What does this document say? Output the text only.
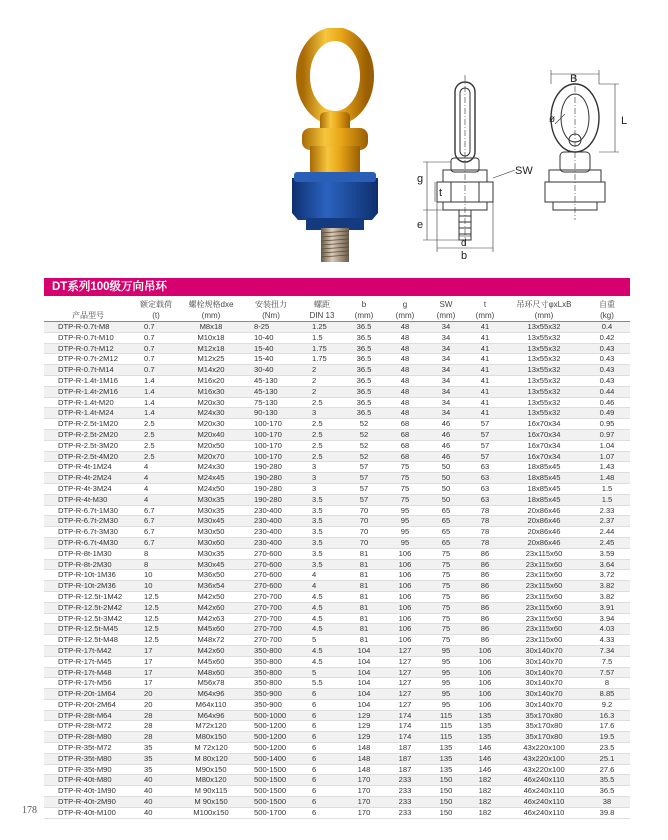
B
L
ø
g
t
e
SW
d
b
DT系列100级万向吊环
	额定载荷	螺栓规格dxe	安装扭力	螺距	b	g	SW	t	吊环尺寸φxLxB	自重
产品型号	(t)	(mm)	(Nm)	DIN 13	(mm)	(mm)	(mm)	(mm)	(mm)	(kg)
DTP-R-0.7t-M8	0.7	M8x18	8-25	1.25	36.5	48	34	41	13x55x32	0.4
DTP-R-0.7t-M10	0.7	M10x18	10-40	1.5	36.5	48	34	41	13x55x32	0.42
DTP-R-0.7t-M12	0.7	M12x18	15-40	1.75	36.5	48	34	41	13x55x32	0.43
DTP-R-0.7t-2M12	0.7	M12x25	15-40	1.75	36.5	48	34	41	13x55x32	0.43
DTP-R-0.7t-M14	0.7	M14x20	30-40	2	36.5	48	34	41	13x55x32	0.43
DTP-R-1.4t-1M16	1.4	M16x20	45-130	2	36.5	48	34	41	13x55x32	0.43
DTP-R-1.4t-2M16	1.4	M16x30	45-130	2	36.5	48	34	41	13x55x32	0.44
DTP-R-1.4t-M20	1.4	M20x30	75-130	2.5	36.5	48	34	41	13x55x32	0.46
DTP-R-1.4t-M24	1.4	M24x30	90-130	3	36.5	48	34	41	13x55x32	0.49
DTP-R-2.5t-1M20	2.5	M20x30	100-170	2.5	52	68	46	57	16x70x34	0.95
DTP-R-2.5t-2M20	2.5	M20x40	100-170	2.5	52	68	46	57	16x70x34	0.97
DTP-R-2.5t-3M20	2.5	M20x50	100-170	2.5	52	68	46	57	16x70x34	1.04
DTP-R-2.5t-4M20	2.5	M20x70	100-170	2.5	52	68	46	57	16x70x34	1.07
DTP-R-4t-1M24	4	M24x30	190-280	3	57	75	50	63	18x85x45	1.43
DTP-R-4t-2M24	4	M24x45	190-280	3	57	75	50	63	18x85x45	1.48
DTP-R-4t-3M24	4	M24x50	190-280	3	57	75	50	63	18x85x45	1.5
DTP-R-4t-M30	4	M30x35	190-280	3.5	57	75	50	63	18x85x45	1.5
DTP-R-6.7t-1M30	6.7	M30x35	230-400	3.5	70	95	65	78	20x86x46	2.33
DTP-R-6.7t-2M30	6.7	M30x45	230-400	3.5	70	95	65	78	20x86x46	2.37
DTP-R-6.7t-3M30	6.7	M30x50	230-400	3.5	70	95	65	78	20x86x46	2.44
DTP-R-6.7t-4M30	6.7	M30x60	230-400	3.5	70	95	65	78	20x86x46	2.45
DTP-R-8t-1M30	8	M30x35	270-600	3.5	81	106	75	86	23x115x60	3.59
DTP-R-8t-2M30	8	M30x45	270-600	3.5	81	106	75	86	23x115x60	3.64
DTP-R-10t-1M36	10	M36x50	270-600	4	81	106	75	86	23x115x60	3.72
DTP-R-10t-2M36	10	M36x54	270-600	4	81	106	75	86	23x115x60	3.82
DTP-R-12.5t-1M42	12.5	M42x50	270-700	4.5	81	106	75	86	23x115x60	3.82
DTP-R-12.5t-2M42	12.5	M42x60	270-700	4.5	81	106	75	86	23x115x60	3.91
DTP-R-12.5t-3M42	12.5	M42x63	270-700	4.5	81	106	75	86	23x115x60	3.94
DTP-R-12.5t-M45	12.5	M45x60	270-700	4.5	81	106	75	86	23x115x60	4.03
DTP-R-12.5t-M48	12.5	M48x72	270-700	5	81	106	75	86	23x115x60	4.33
DTP-R-17t-M42	17	M42x60	350-800	4.5	104	127	95	106	30x140x70	7.34
DTP-R-17t-M45	17	M45x60	350-800	4.5	104	127	95	106	30x140x70	7.5
DTP-R-17t-M48	17	M48x60	350-800	5	104	127	95	106	30x140x70	7.57
DTP-R-17t-M56	17	M56x78	350-800	5.5	104	127	95	106	30x140x70	8
DTP-R-20t-1M64	20	M64x96	350-900	6	104	127	95	106	30x140x70	8.85
DTP-R-20t-2M64	20	M64x110	350-900	6	104	127	95	106	30x140x70	9.2
DTP-R-28t-M64	28	M64x96	500-1000	6	129	174	115	135	35x170x80	16.3
DTP-R-28t-M72	28	M72x120	500-1200	6	129	174	115	135	35x170x80	17.6
DTP-R-28t-M80	28	M80x150	500-1200	6	129	174	115	135	35x170x80	19.5
DTP-R-35t-M72	35	M 72x120	500-1200	6	148	187	135	146	43x220x100	23.5
DTP-R-35t-M80	35	M 80x120	500-1400	6	148	187	135	146	43x220x100	25.1
DTP-R-35t-M90	35	M90x150	500-1500	6	148	187	135	146	43x220x100	27.6
DTP-R-40t-M80	40	M80x120	500-1500	6	170	233	150	182	46x240x110	35.5
DTP-R-40t-1M90	40	M 90x115	500-1500	6	170	233	150	182	46x240x110	36.5
DTP-R-40t-2M90	40	M 90x150	500-1500	6	170	233	150	182	46x240x110	38
DTP-R-40t-M100	40	M100x150	500-1700	6	170	233	150	182	46x240x110	39.8
178
